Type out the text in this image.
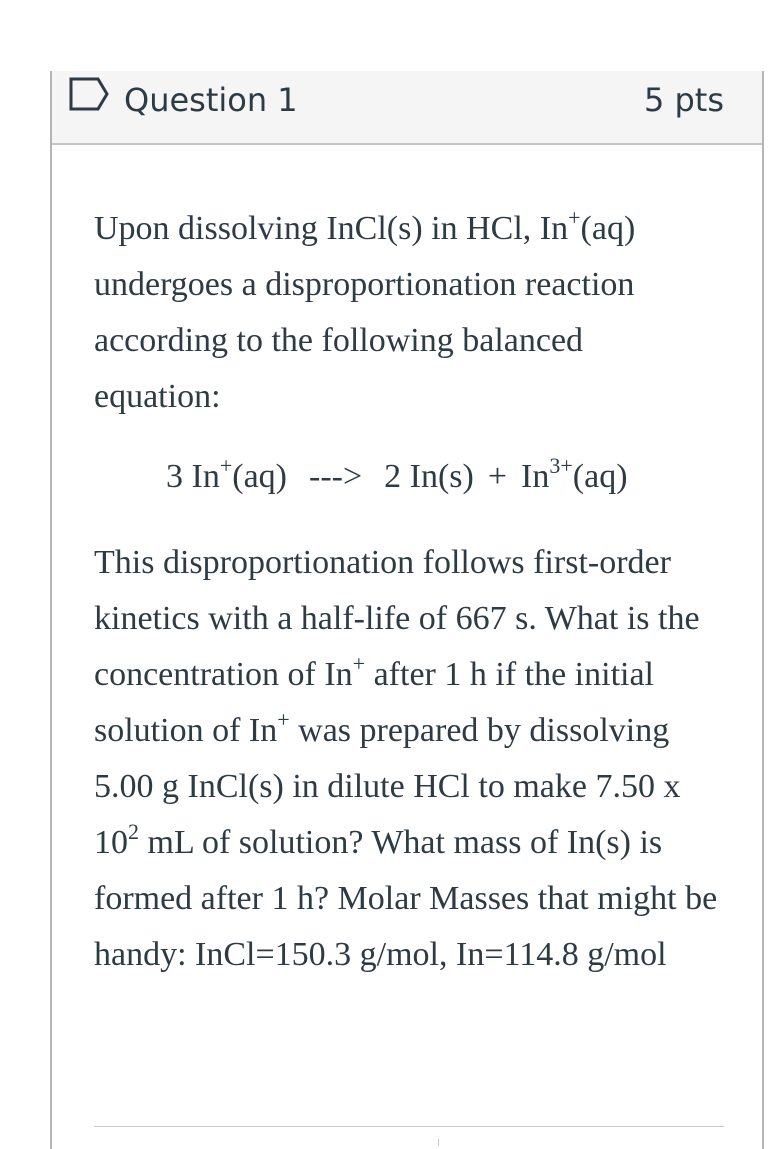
Question 1	5 pts

Upon dissolving InCl(s) in HCl, In+(aq) undergoes a disproportionation reaction according to the following balanced equation:

3 In+(aq) ---> 2 $In(s) + In^{3+}(aq)$

This disproportionation follows first-order kinetics with a half-life of 667 s. What is the concentration of In+ after 1 h if the initial solution of In+ was prepared by dissolving 5.00 g InCl(s) in dilute HCl to make 7.50 x $10^2$ mL of solution? What mass of In(s) is formed after 1 h? Molar Masses that might be handy: InCl=150.3 g/mol, In=114.8 g/mol
